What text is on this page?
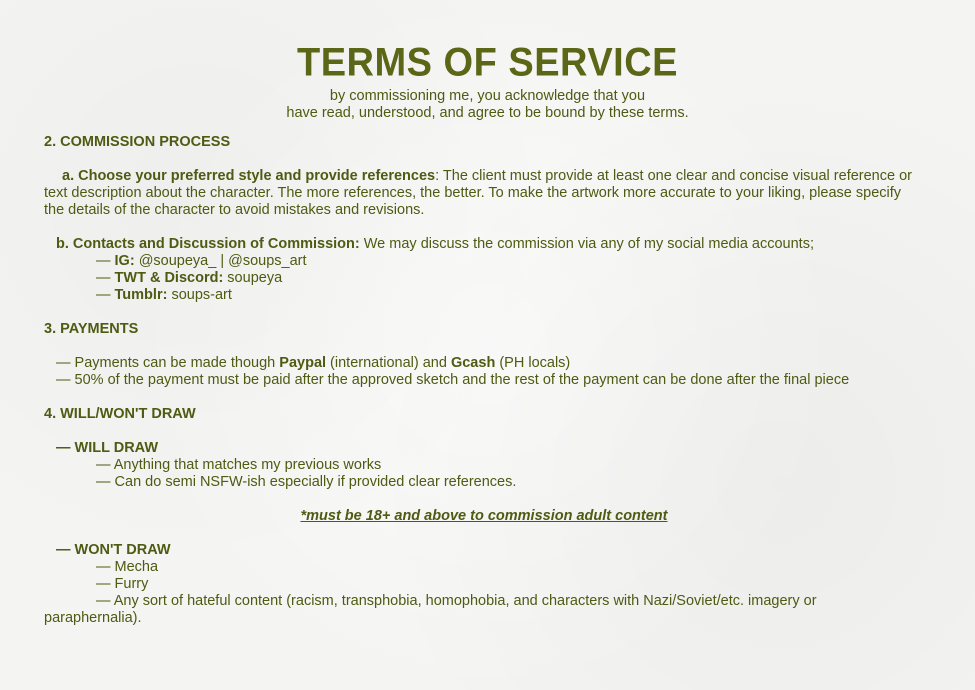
TERMS OF SERVICE
by commissioning me, you acknowledge that you
have read, understood, and agree to be bound by these terms.
2. COMMISSION PROCESS
a. Choose your preferred style and provide references: The client must provide at least one clear and concise visual reference or text description about the character. The more references, the better. To make the artwork more accurate to your liking, please specify the details of the character to avoid mistakes and revisions.
b. Contacts and Discussion of Commission: We may discuss the commission via any of my social media accounts;
— IG: @soupeya_ | @soups_art
— TWT & Discord: soupeya
— Tumblr: soups-art
3. PAYMENTS
— Payments can be made though Paypal (international) and Gcash (PH locals)
— 50% of the payment must be paid after the approved sketch and the rest of the payment can be done after the final piece
4. WILL/WON'T DRAW
— WILL DRAW
— Anything that matches my previous works
— Can do semi NSFW-ish especially if provided clear references.
*must be 18+ and above to commission adult content
— WON'T DRAW
— Mecha
— Furry
— Any sort of hateful content (racism, transphobia, homophobia, and characters with Nazi/Soviet/etc. imagery or paraphernalia).
